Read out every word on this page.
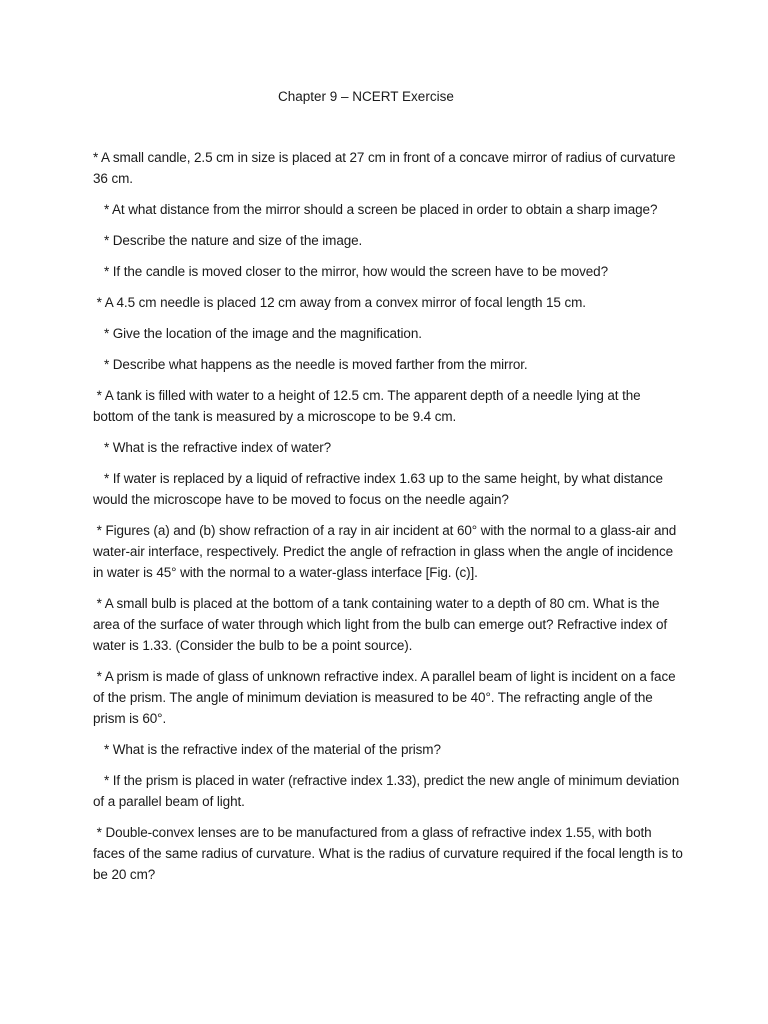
Chapter 9 – NCERT Exercise

* A small candle, 2.5 cm in size is placed at 27 cm in front of a concave mirror of radius of curvature 36 cm.

* At what distance from the mirror should a screen be placed in order to obtain a sharp image?

* Describe the nature and size of the image.

* If the candle is moved closer to the mirror, how would the screen have to be moved?

* A 4.5 cm needle is placed 12 cm away from a convex mirror of focal length 15 cm.

* Give the location of the image and the magnification.

* Describe what happens as the needle is moved farther from the mirror.

* A tank is filled with water to a height of 12.5 cm. The apparent depth of a needle lying at the bottom of the tank is measured by a microscope to be 9.4 cm.

* What is the refractive index of water?

* If water is replaced by a liquid of refractive index 1.63 up to the same height, by what distance would the microscope have to be moved to focus on the needle again?

* Figures (a) and (b) show refraction of a ray in air incident at 60° with the normal to a glass-air and water-air interface, respectively. Predict the angle of refraction in glass when the angle of incidence in water is 45° with the normal to a water-glass interface [Fig. (c)].

* A small bulb is placed at the bottom of a tank containing water to a depth of 80 cm. What is the area of the surface of water through which light from the bulb can emerge out? Refractive index of water is 1.33. (Consider the bulb to be a point source).

* A prism is made of glass of unknown refractive index. A parallel beam of light is incident on a face of the prism. The angle of minimum deviation is measured to be 40°. The refracting angle of the prism is 60°.

* What is the refractive index of the material of the prism?

* If the prism is placed in water (refractive index 1.33), predict the new angle of minimum deviation of a parallel beam of light.

* Double-convex lenses are to be manufactured from a glass of refractive index 1.55, with both faces of the same radius of curvature. What is the radius of curvature required if the focal length is to be 20 cm?
